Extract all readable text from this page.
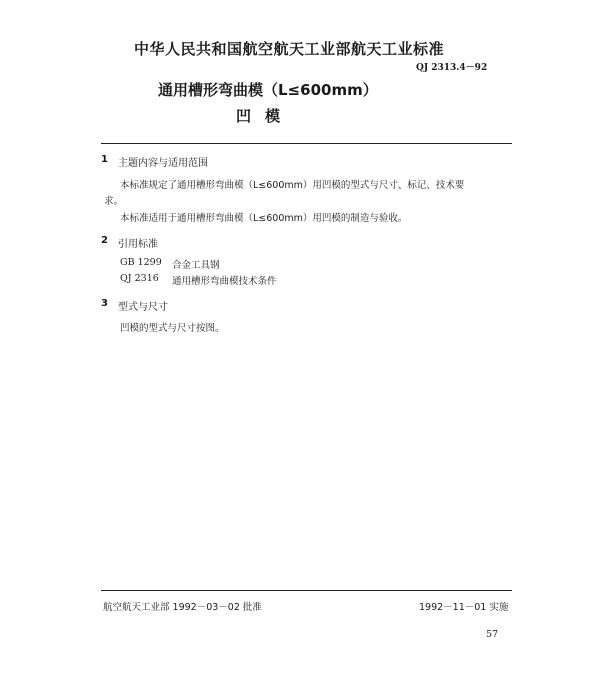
中华人民共和国航空航天工业部航天工业标准
QJ 2313.4－92
通用槽形弯曲模（L≤600mm）
凹模
1 主题内容与适用范围
本标准规定了通用槽形弯曲模（L≤600mm）用凹模的型式与尺寸、标记、技术要
求。
本标准适用于通用槽形弯曲模（L≤600mm）用凹模的制造与验收。
2 引用标准
GB 1299 合金工具钢
QJ 2316 通用槽形弯曲模技术条件
3 型式与尺寸
凹模的型式与尺寸按图。
航空航天工业部 1992－03－02 批准	1992－11－01 实施
57
